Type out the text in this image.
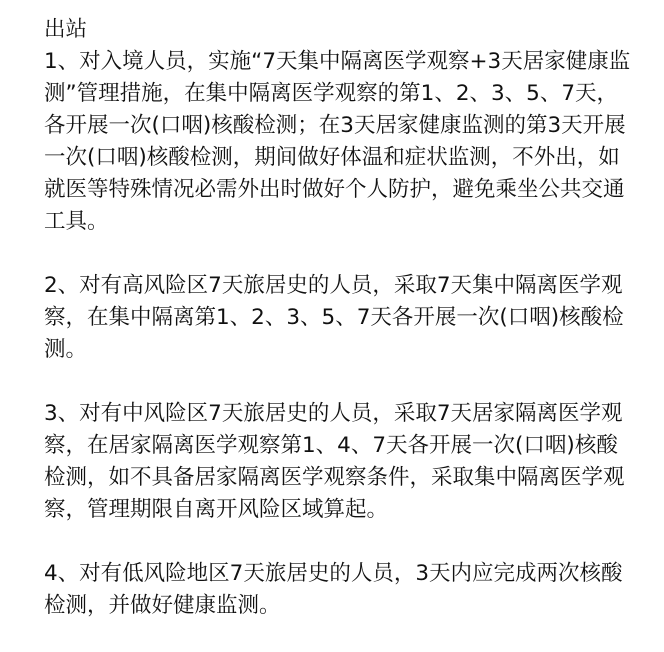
出站

1、对入境人员，实施“7天集中隔离医学观察+3天居家健康监测”管理措施，在集中隔离医学观察的第1、2、3、5、7天，各开展一次(口咽)核酸检测；在3天居家健康监测的第3天开展一次(口咽)核酸检测，期间做好体温和症状监测，不外出，如就医等特殊情况必需外出时做好个人防护，避免乘坐公共交通工具。

2、对有高风险区7天旅居史的人员，采取7天集中隔离医学观察，在集中隔离第1、2、3、5、7天各开展一次(口咽)核酸检测。

3、对有中风险区7天旅居史的人员，采取7天居家隔离医学观察，在居家隔离医学观察第1、4、7天各开展一次(口咽)核酸检测，如不具备居家隔离医学观察条件，采取集中隔离医学观察，管理期限自离开风险区域算起。

4、对有低风险地区7天旅居史的人员，3天内应完成两次核酸检测，并做好健康监测。
